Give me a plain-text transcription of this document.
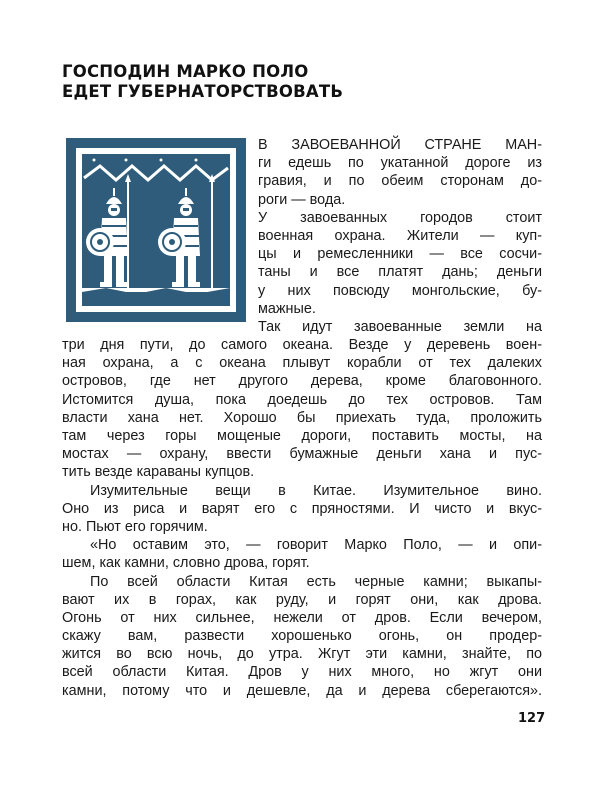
ГОСПОДИН МАРКО ПОЛО
ЕДЕТ ГУБЕРНАТОРСТВОВАТЬ
В ЗАВОЕВАННОЙ СТРАНЕ МАН-
ги едешь по укатанной дороге из
гравия, и по обеим сторонам до-
роги — вода.
У завоеванных городов стоит
военная охрана. Жители — куп-
цы и ремесленники — все сосчи-
таны и все платят дань; деньги
у них повсюду монгольские, бу-
мажные.
Так идут завоеванные земли на
три дня пути, до самого океана. Везде у деревень воен-
ная охрана, а с океана плывут корабли от тех далеких
островов, где нет другого дерева, кроме благовонного.
Истомится душа, пока доедешь до тех островов. Там
власти хана нет. Хорошо бы приехать туда, проложить
там через горы мощеные дороги, поставить мосты, на
мостах — охрану, ввести бумажные деньги хана и пус-
тить везде караваны купцов.
Изумительные вещи в Китае. Изумительное вино.
Оно из риса и варят его с пряностями. И чисто и вкус-
но. Пьют его горячим.
«Но оставим это, — говорит Марко Поло, — и опи-
шем, как камни, словно дрова, горят.
По всей области Китая есть черные камни; выкапы-
вают их в горах, как руду, и горят они, как дрова.
Огонь от них сильнее, нежели от дров. Если вечером,
скажу вам, развести хорошенько огонь, он продер-
жится во всю ночь, до утра. Жгут эти камни, знайте, по
всей области Китая. Дров у них много, но жгут они
камни, потому что и дешевле, да и дерева сберегаются».
127
